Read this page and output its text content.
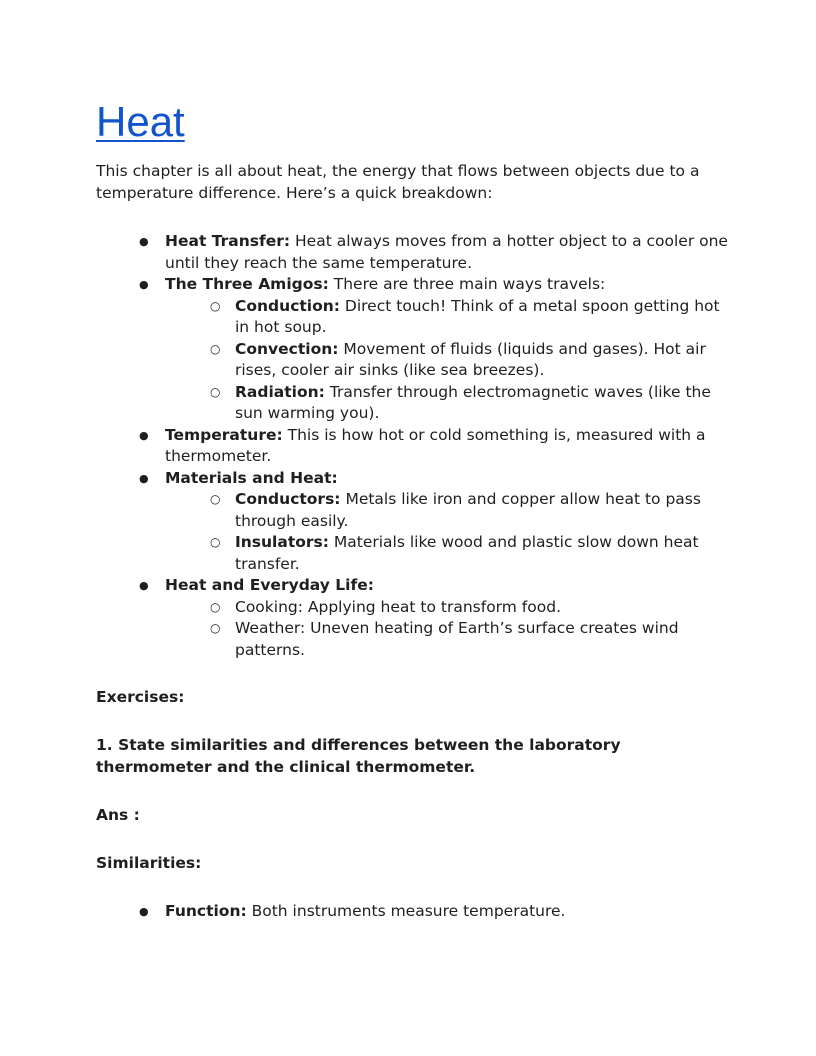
Heat

This chapter is all about heat, the energy that flows between objects due to a temperature difference. Here’s a quick breakdown:

● Heat Transfer: Heat always moves from a hotter object to a cooler one until they reach the same temperature.
● The Three Amigos: There are three main ways travels:
○ Conduction: Direct touch! Think of a metal spoon getting hot in hot soup.
○ Convection: Movement of fluids (liquids and gases). Hot air rises, cooler air sinks (like sea breezes).
○ Radiation: Transfer through electromagnetic waves (like the sun warming you).
● Temperature: This is how hot or cold something is, measured with a thermometer.
● Materials and Heat:
○ Conductors: Metals like iron and copper allow heat to pass through easily.
○ Insulators: Materials like wood and plastic slow down heat transfer.
● Heat and Everyday Life:
○ Cooking: Applying heat to transform food.
○ Weather: Uneven heating of Earth’s surface creates wind patterns.

Exercises:

1. State similarities and differences between the laboratory thermometer and the clinical thermometer.

Ans :

Similarities:

● Function: Both instruments measure temperature.
